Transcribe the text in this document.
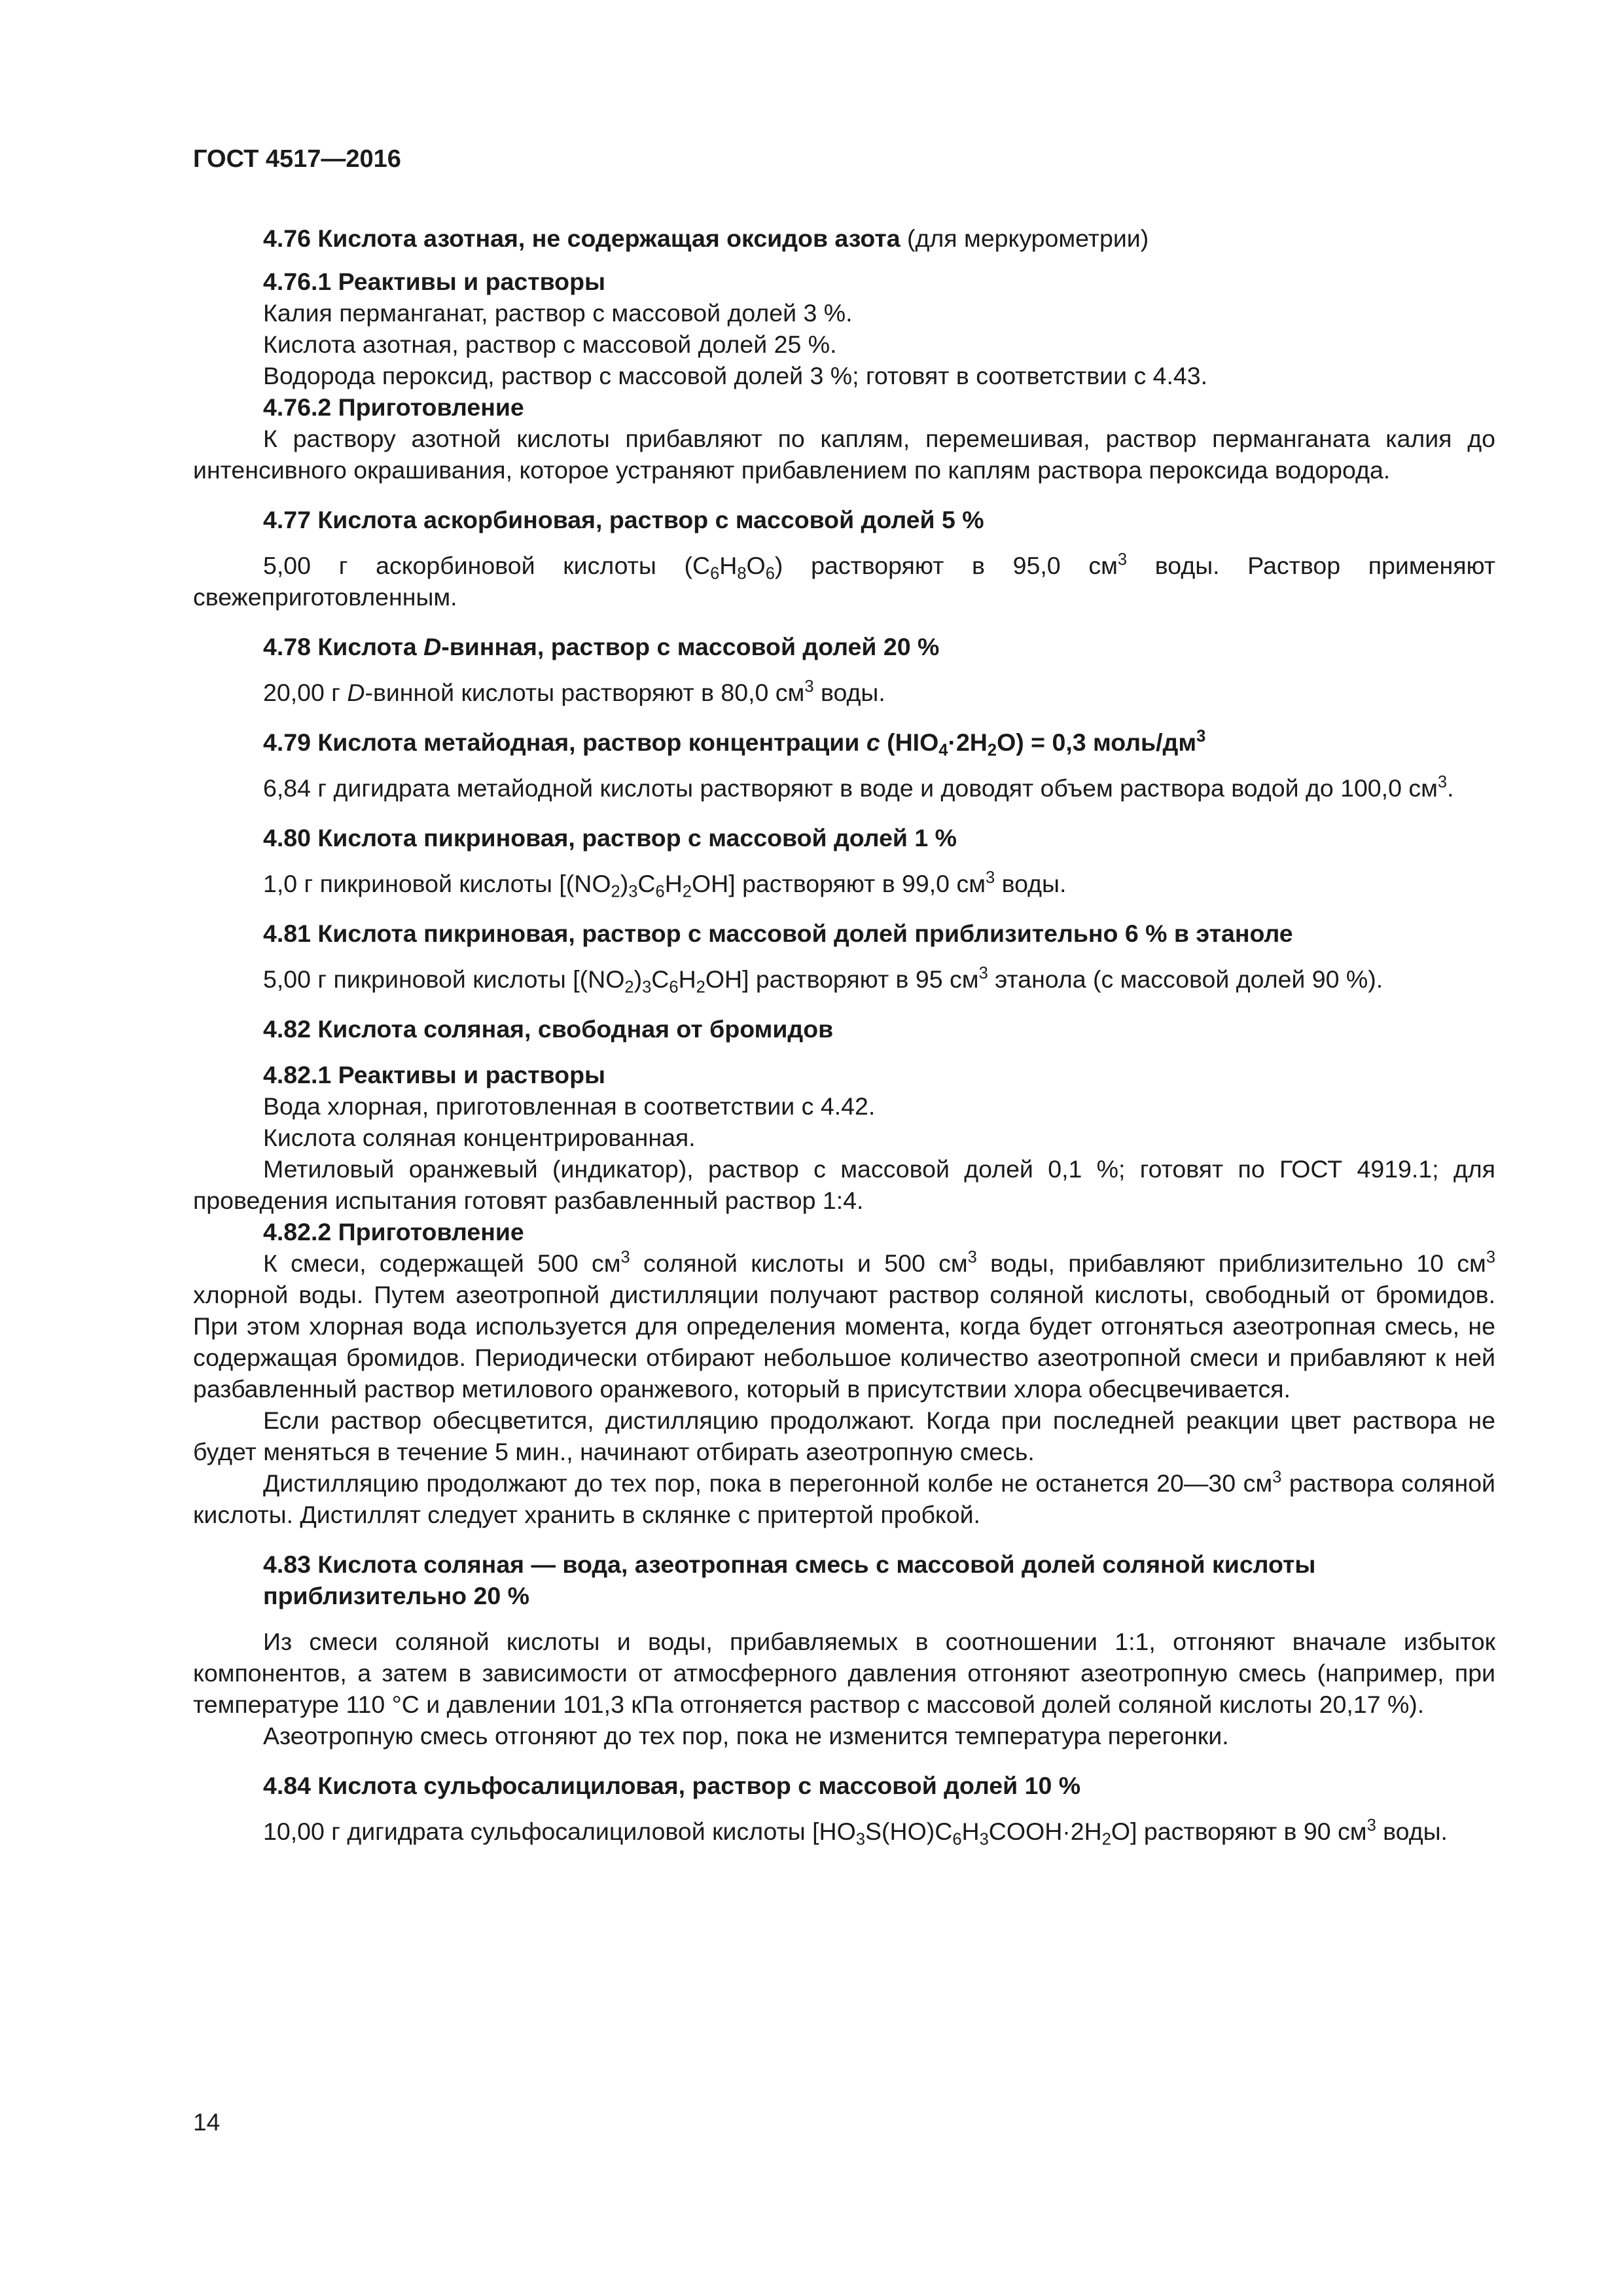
ГОСТ 4517—2016

4.76 Кислота азотная, не содержащая оксидов азота (для меркурометрии)

4.76.1 Реактивы и растворы

Калия перманганат, раствор с массовой долей 3 %.

Кислота азотная, раствор с массовой долей 25 %.

Водорода пероксид, раствор с массовой долей 3 %; готовят в соответствии с 4.43.

4.76.2 Приготовление

К раствору азотной кислоты прибавляют по каплям, перемешивая, раствор перманганата калия до интенсивного окрашивания, которое устраняют прибавлением по каплям раствора пероксида водорода.

4.77 Кислота аскорбиновая, раствор с массовой долей 5 %

5,00 г аскорбиновой кислоты $(C_6H_8O_6)$ растворяют в 95,0 $см^3$ воды. Раствор применяют свежеприготовленным.

4.78 Кислота D-винная, раствор с массовой долей 20 %

20,00 г D-винной кислоты растворяют в 80,0 $см^3$ воды.

4.79 Кислота метайодная, раствор концентрации c $(HIO_4\cdot 2H_2O) = 0,3$ моль/$дм^3$

6,84 г дигидрата метайодной кислоты растворяют в воде и доводят объем раствора водой до 100,0 $см^3$.

4.80 Кислота пикриновая, раствор с массовой долей 1 %

1,0 г пикриновой кислоты $[(NO_2)_3C_6H_2OH]$ растворяют в 99,0 $см^3$ воды.

4.81 Кислота пикриновая, раствор с массовой долей приблизительно 6 % в этаноле

5,00 г пикриновой кислоты $[(NO_2)_3C_6H_2OH]$ растворяют в 95 $см^3$ этанола (с массовой долей 90 %).

4.82 Кислота соляная, свободная от бромидов

4.82.1 Реактивы и растворы

Вода хлорная, приготовленная в соответствии с 4.42.

Кислота соляная концентрированная.

Метиловый оранжевый (индикатор), раствор с массовой долей 0,1 %; готовят по ГОСТ 4919.1; для проведения испытания готовят разбавленный раствор 1:4.

4.82.2 Приготовление

К смеси, содержащей 500 $см^3$ соляной кислоты и 500 $см^3$ воды, прибавляют приблизительно 10 $см^3$ хлорной воды. Путем азеотропной дистилляции получают раствор соляной кислоты, свободный от бромидов. При этом хлорная вода используется для определения момента, когда будет отгоняться азеотропная смесь, не содержащая бромидов. Периодически отбирают небольшое количество азеотропной смеси и прибавляют к ней разбавленный раствор метилового оранжевого, который в присутствии хлора обесцвечивается.

Если раствор обесцветится, дистилляцию продолжают. Когда при последней реакции цвет раствора не будет меняться в течение 5 мин., начинают отбирать азеотропную смесь.

Дистилляцию продолжают до тех пор, пока в перегонной колбе не останется 20—30 $см^3$ раствора соляной кислоты. Дистиллят следует хранить в склянке с притертой пробкой.

4.83 Кислота соляная — вода, азеотропная смесь с массовой долей соляной кислоты приблизительно 20 %

Из смеси соляной кислоты и воды, прибавляемых в соотношении 1:1, отгоняют вначале избыток компонентов, а затем в зависимости от атмосферного давления отгоняют азеотропную смесь (например, при температуре 110 °С и давлении 101,3 кПа отгоняется раствор с массовой долей соляной кислоты 20,17 %).

Азеотропную смесь отгоняют до тех пор, пока не изменится температура перегонки.

4.84 Кислота сульфосалициловая, раствор с массовой долей 10 %

10,00 г дигидрата сульфосалициловой кислоты $[HO_3S(HO)C_6H_3COOH\cdot 2H_2O]$ растворяют в 90 $см^3$ воды.

14
